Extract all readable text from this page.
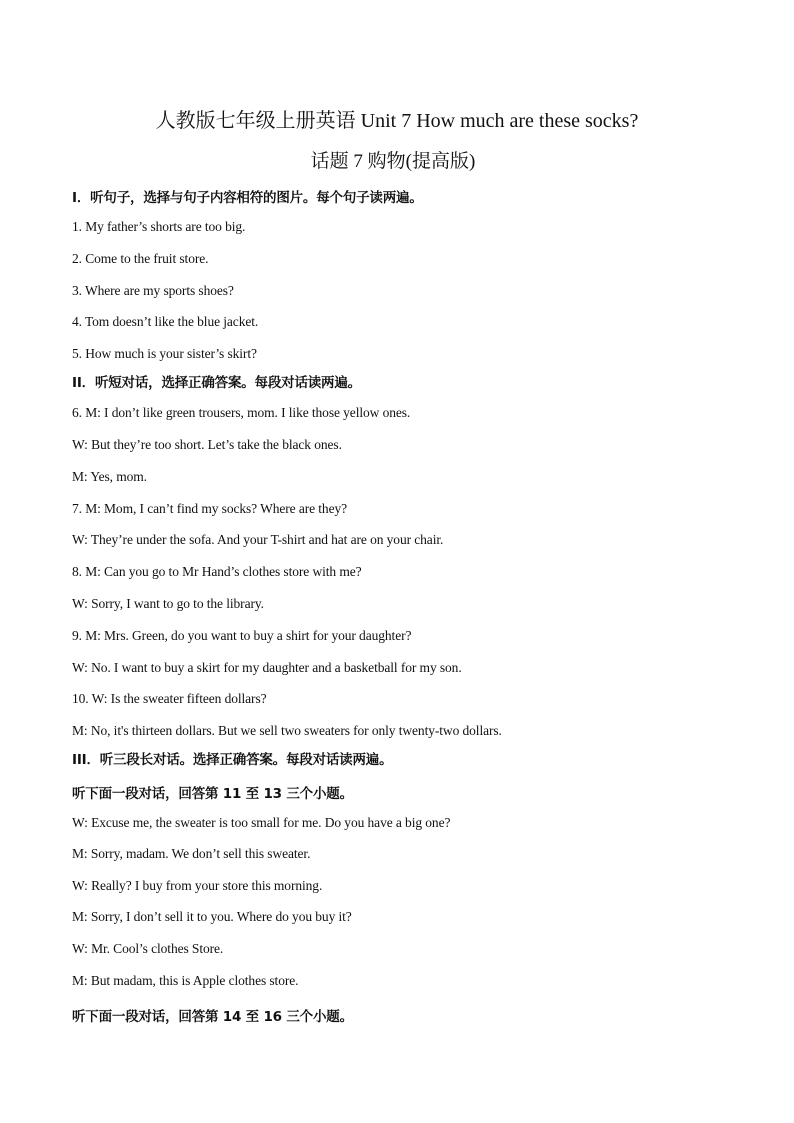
人教版七年级上册英语 Unit 7 How much are these socks?
话题 7 购物(提高版)
I．听句子，选择与句子内容相符的图片。每个句子读两遍。
1. My father’s shorts are too big.
2. Come to the fruit store.
3. Where are my sports shoes?
4. Tom doesn’t like the blue jacket.
5. How much is your sister’s skirt?
II．听短对话，选择正确答案。每段对话读两遍。
6. M: I don’t like green trousers, mom. I like those yellow ones.
W: But they’re too short. Let’s take the black ones.
M: Yes, mom.
7. M: Mom, I can’t find my socks? Where are they?
W: They’re under the sofa. And your T-shirt and hat are on your chair.
8. M: Can you go to Mr Hand’s clothes store with me?
W: Sorry, I want to go to the library.
9. M: Mrs. Green, do you want to buy a shirt for your daughter?
W: No. I want to buy a skirt for my daughter and a basketball for my son.
10. W: Is the sweater fifteen dollars?
M: No, it's thirteen dollars. But we sell two sweaters for only twenty-two dollars.
III．听三段长对话。选择正确答案。每段对话读两遍。
听下面一段对话，回答第 11 至 13 三个小题。
W: Excuse me, the sweater is too small for me. Do you have a big one?
M: Sorry, madam. We don’t sell this sweater.
W: Really? I buy from your store this morning.
M: Sorry, I don’t sell it to you. Where do you buy it?
W: Mr. Cool’s clothes Store.
M: But madam, this is Apple clothes store.
听下面一段对话，回答第 14 至 16 三个小题。
